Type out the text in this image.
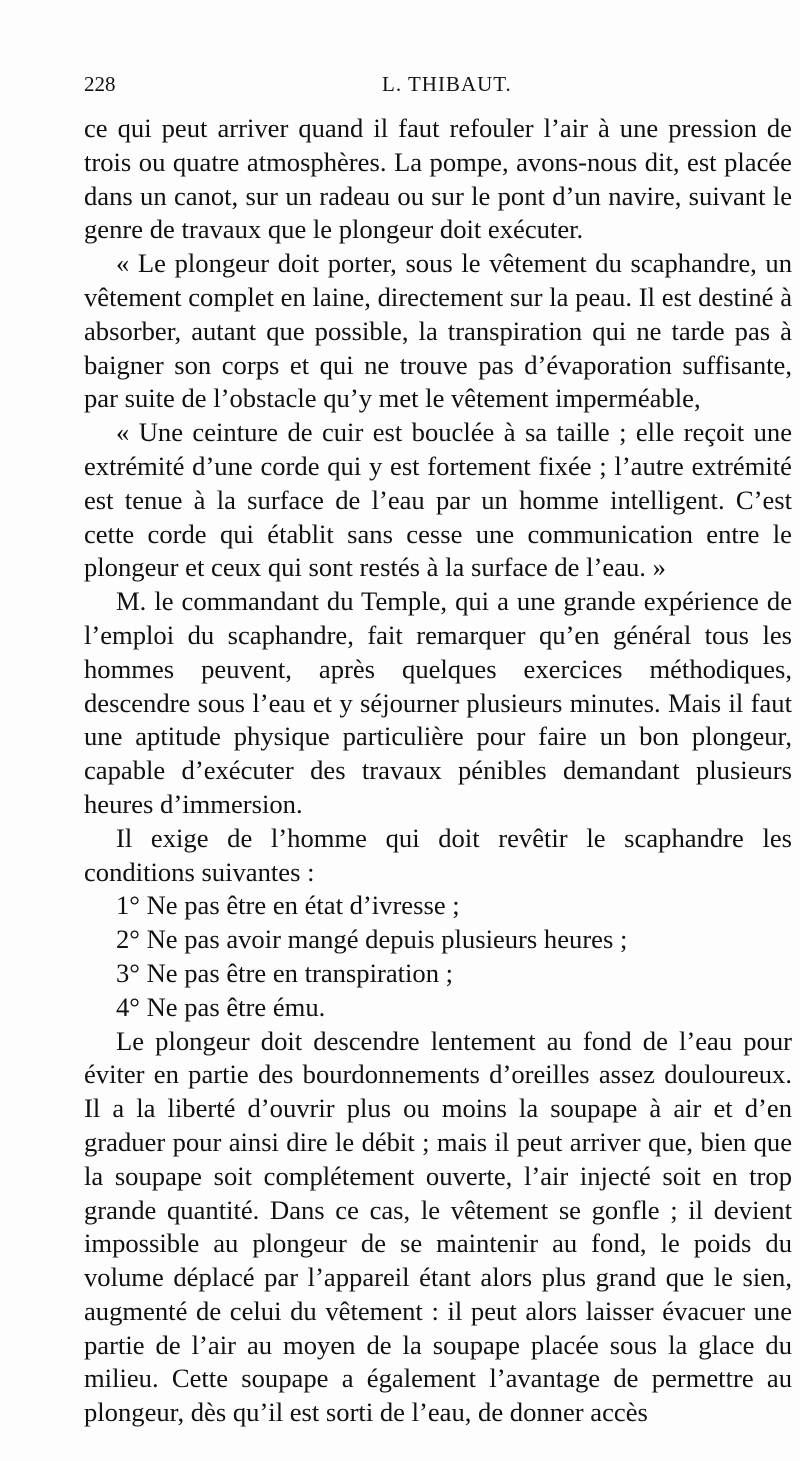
228	L. THIBAUT.

ce qui peut arriver quand il faut refouler l’air à une pression de trois ou quatre atmosphères. La pompe, avons-nous dit, est placée dans un canot, sur un radeau ou sur le pont d’un navire, suivant le genre de travaux que le plongeur doit exécuter.

« Le plongeur doit porter, sous le vêtement du scaphandre, un vêtement complet en laine, directement sur la peau. Il est destiné à absorber, autant que possible, la transpiration qui ne tarde pas à baigner son corps et qui ne trouve pas d’évaporation suffisante, par suite de l’obstacle qu’y met le vêtement imperméable,

« Une ceinture de cuir est bouclée à sa taille ; elle reçoit une extrémité d’une corde qui y est fortement fixée ; l’autre extrémité est tenue à la surface de l’eau par un homme intelligent. C’est cette corde qui établit sans cesse une communication entre le plongeur et ceux qui sont restés à la surface de l’eau. »

M. le commandant du Temple, qui a une grande expérience de l’emploi du scaphandre, fait remarquer qu’en général tous les hommes peuvent, après quelques exercices méthodiques, descendre sous l’eau et y séjourner plusieurs minutes. Mais il faut une aptitude physique particulière pour faire un bon plongeur, capable d’exécuter des travaux pénibles demandant plusieurs heures d’immersion.

Il exige de l’homme qui doit revêtir le scaphandre les conditions suivantes :

1° Ne pas être en état d’ivresse ;

2° Ne pas avoir mangé depuis plusieurs heures ;

3° Ne pas être en transpiration ;

4° Ne pas être ému.

Le plongeur doit descendre lentement au fond de l’eau pour éviter en partie des bourdonnements d’oreilles assez douloureux. Il a la liberté d’ouvrir plus ou moins la soupape à air et d’en graduer pour ainsi dire le débit ; mais il peut arriver que, bien que la soupape soit complétement ouverte, l’air injecté soit en trop grande quantité. Dans ce cas, le vêtement se gonfle ; il devient impossible au plongeur de se maintenir au fond, le poids du volume déplacé par l’appareil étant alors plus grand que le sien, augmenté de celui du vêtement : il peut alors laisser évacuer une partie de l’air au moyen de la soupape placée sous la glace du milieu. Cette soupape a également l’avantage de permettre au plongeur, dès qu’il est sorti de l’eau, de donner accès
